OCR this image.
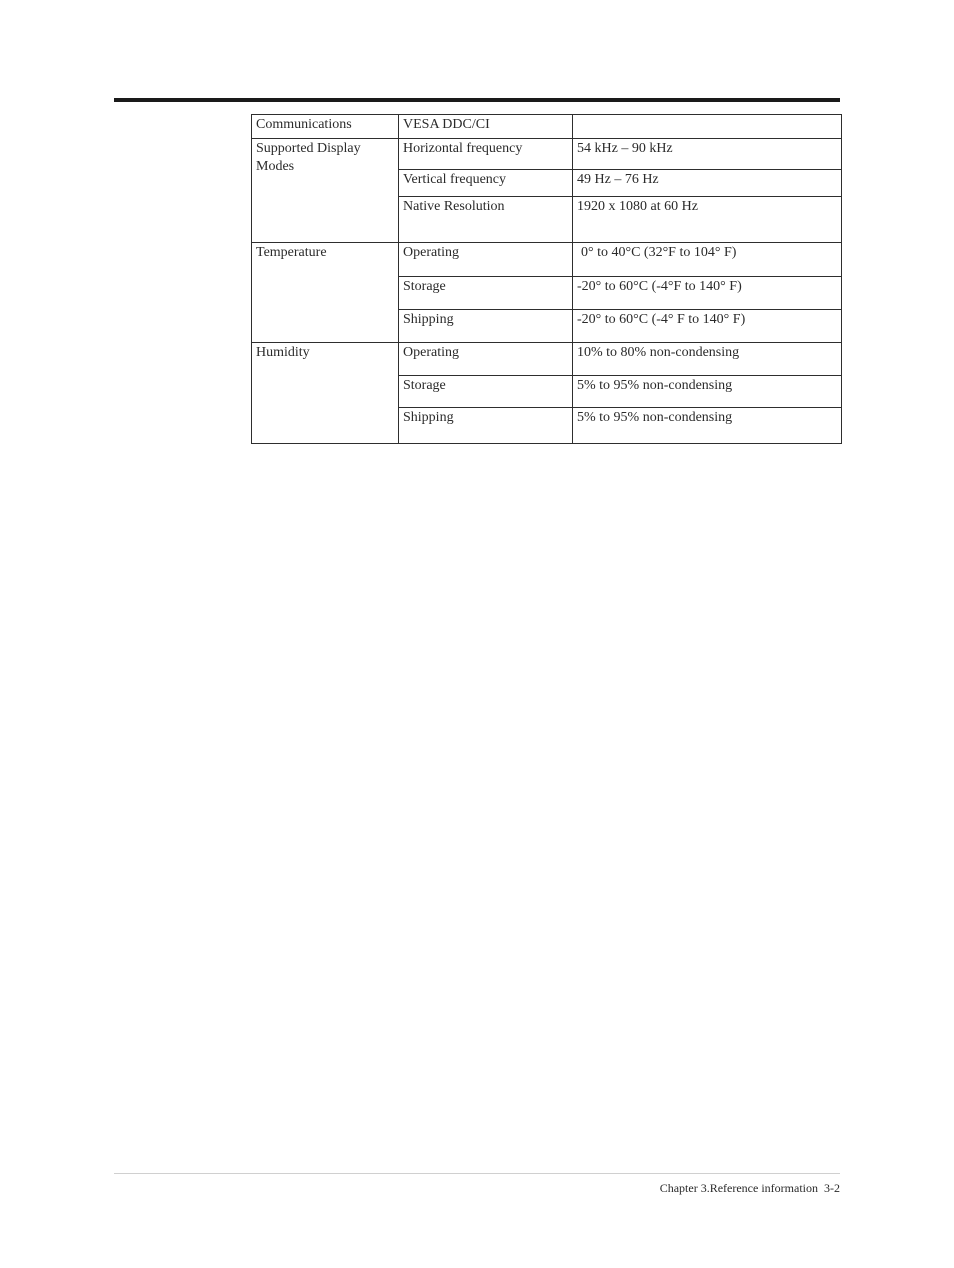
Communications	VESA DDC/CI	
Supported Display Modes	Horizontal frequency	54 kHz – 90 kHz
	Vertical frequency	49 Hz – 76 Hz
	Native Resolution	1920 x 1080 at 60 Hz
Temperature	Operating	0° to 40°C (32°F to 104° F)
	Storage	-20° to 60°C (-4°F to 140° F)
	Shipping	-20° to 60°C (-4° F to 140° F)
Humidity	Operating	10% to 80% non-condensing
	Storage	5% to 95% non-condensing
	Shipping	5% to 95% non-condensing
Chapter 3.Reference information 3-2
